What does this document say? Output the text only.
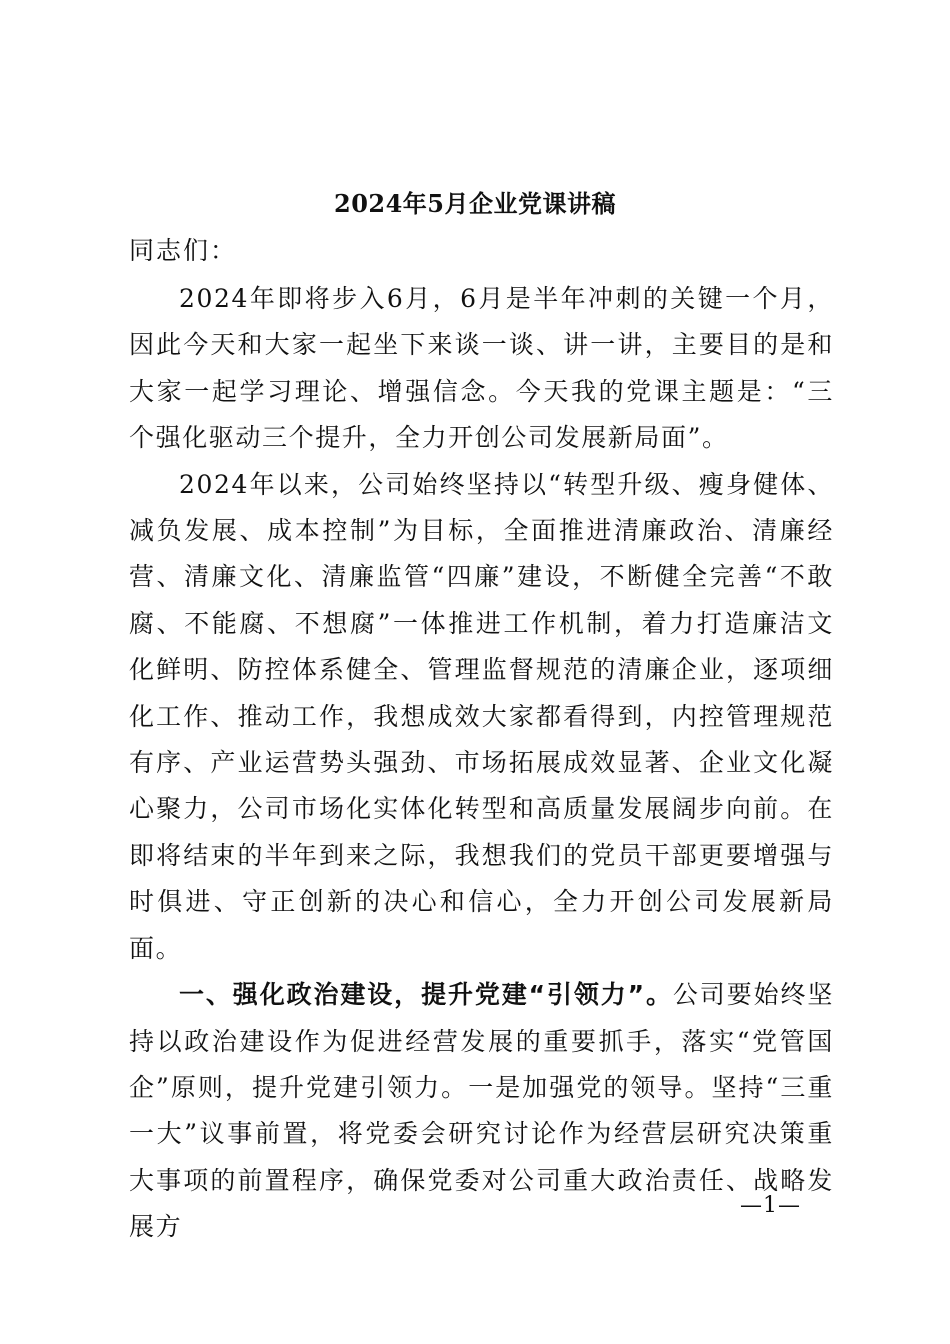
2024年5月企业党课讲稿
同志们：

2024年即将步入6月，6月是半年冲刺的关键一个月，因此今天和大家一起坐下来谈一谈、讲一讲，主要目的是和大家一起学习理论、增强信念。今天我的党课主题是：“三个强化驱动三个提升，全力开创公司发展新局面”。

2024年以来，公司始终坚持以“转型升级、瘦身健体、减负发展、成本控制”为目标，全面推进清廉政治、清廉经营、清廉文化、清廉监管“四廉”建设，不断健全完善“不敢腐、不能腐、不想腐”一体推进工作机制，着力打造廉洁文化鲜明、防控体系健全、管理监督规范的清廉企业，逐项细化工作、推动工作，我想成效大家都看得到，内控管理规范有序、产业运营势头强劲、市场拓展成效显著、企业文化凝心聚力，公司市场化实体化转型和高质量发展阔步向前。在即将结束的半年到来之际，我想我们的党员干部更要增强与时俱进、守正创新的决心和信心，全力开创公司发展新局面。

一、强化政治建设，提升党建“引领力”。公司要始终坚持以政治建设作为促进经营发展的重要抓手，落实“党管国企”原则，提升党建引领力。一是加强党的领导。坚持“三重一大”议事前置，将党委会研究讨论作为经营层研究决策重大事项的前置程序，确保党委对公司重大政治责任、战略发展方

—1—
